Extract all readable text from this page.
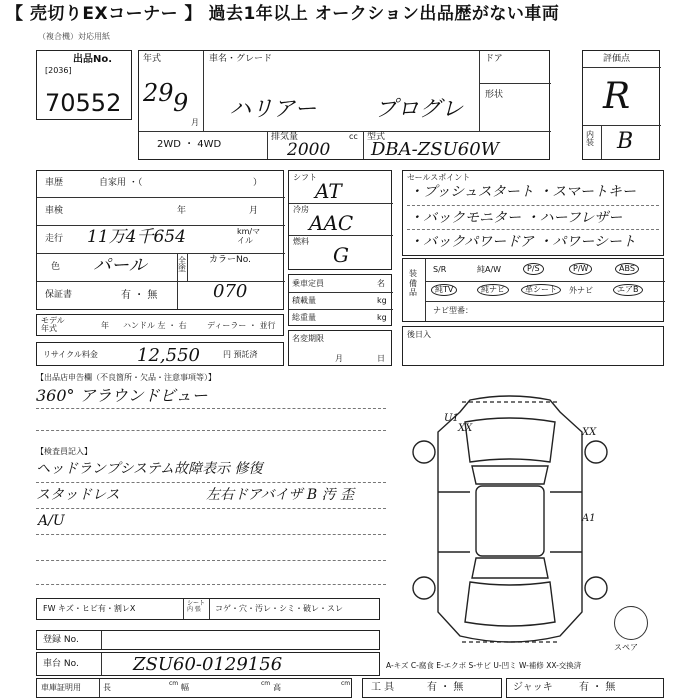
【 売切りEXコーナー 】 過去1年以上 オークション出品歴がない車両
（複合機）対応用紙
出品No.
[2036]
70552
年式
29 9
月
車名・グレード
ハリアー	プログレ
ドア
形状
2WD ・ 4WD
排気量	cc
2000
型式
DBA-ZSU60W
評価点
R
内装 B
車歴	自家用 ・（	）
車検	年	月
走行 11万4千654	km/マイル
色 パール	全塗
カラーNo.
070
保証書	有 ・ 無
モデル年式	年 ハンドル 左 ・ 右	ディーラー ・ 並行
シフト
AT
冷房
AAC
燃料
G
乗車定員	名
積載量	kg
総重量	kg
名変期限
月	日
セールスポイント
・プッシュスタート ・スマートキー
・バックモニター ・ハーフレザー
・バックパワードア ・パワーシート
装備品
S/R	純A/W	P/S	P/W	ABS
純TV	純ナビ	革シート	外ナビ	エアB
ナビ型番：
後日入
リサイクル料金 12,550	円 預託済
【出品店申告欄（不良箇所・欠品・注意事項等）】
360° アラウンドビュー
【検査員記入】
ヘッドランプシステム故障表示 修復
スタッドレス	左右ドアバイザ B 汚 歪
A/U
U1
XX	XX
A1
スペア
FW キズ・ヒビ有・割レX
シート内 張	コゲ・穴・汚レ・シミ・破レ・スレ
登録 No.
車台 No.	ZSU60-0129156	A-キズ C-腐食 E-エクボ S-サビ U-凹ミ W-補修 XX-交換済
車庫証明用	長	cm 幅	cm 高	cm 工 具	有 ・ 無	ジャッキ	有 ・ 無
